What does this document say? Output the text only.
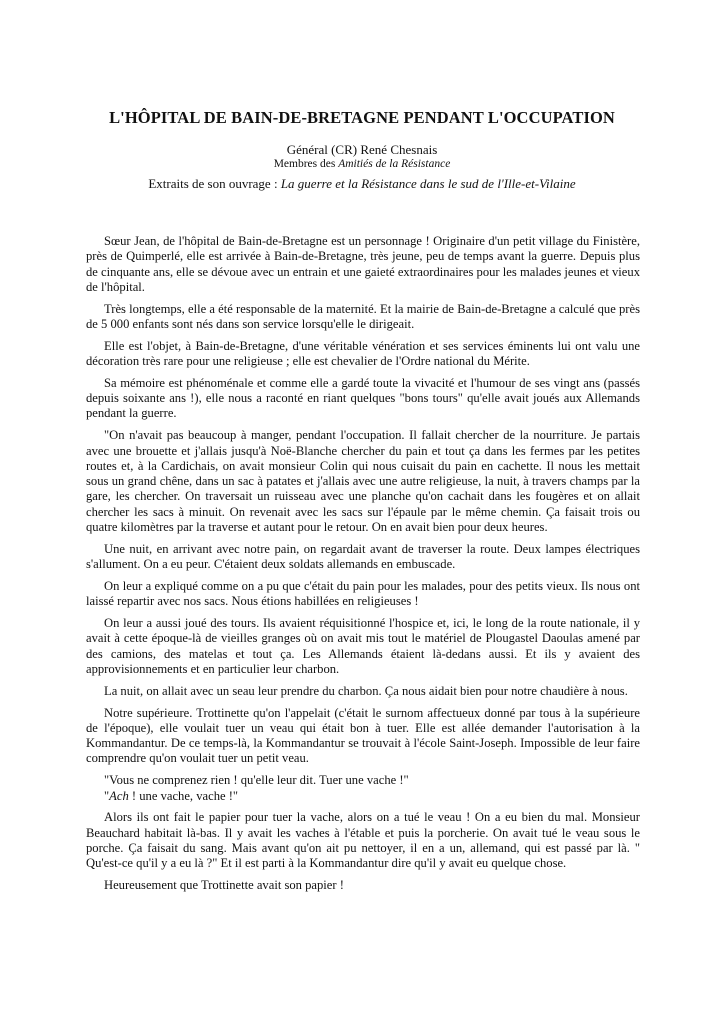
L'HÔPITAL DE BAIN-DE-BRETAGNE PENDANT L'OCCUPATION
Général (CR) René Chesnais
Membres des Amitiés de la Résistance
Extraits de son ouvrage : La guerre et la Résistance dans le sud de l'Ille-et-Vilaine

Sœur Jean, de l'hôpital de Bain-de-Bretagne est un personnage ! Originaire d'un petit village du Finistère, près de Quimperlé, elle est arrivée à Bain-de-Bretagne, très jeune, peu de temps avant la guerre. Depuis plus de cinquante ans, elle se dévoue avec un entrain et une gaieté extraordinaires pour les malades jeunes et vieux de l'hôpital.

Très longtemps, elle a été responsable de la maternité. Et la mairie de Bain-de-Bretagne a calculé que près de 5 000 enfants sont nés dans son service lorsqu'elle le dirigeait.

Elle est l'objet, à Bain-de-Bretagne, d'une véritable vénération et ses services éminents lui ont valu une décoration très rare pour une religieuse ; elle est chevalier de l'Ordre national du Mérite.

Sa mémoire est phénoménale et comme elle a gardé toute la vivacité et l'humour de ses vingt ans (passés depuis soixante ans !), elle nous a raconté en riant quelques "bons tours" qu'elle avait joués aux Allemands pendant la guerre.

"On n'avait pas beaucoup à manger, pendant l'occupation. Il fallait chercher de la nourriture. Je partais avec une brouette et j'allais jusqu'à Noë-Blanche chercher du pain et tout ça dans les fermes par les petites routes et, à la Cardichais, on avait monsieur Colin qui nous cuisait du pain en cachette. Il nous les mettait sous un grand chêne, dans un sac à patates et j'allais avec une autre religieuse, la nuit, à travers champs par la gare, les chercher. On traversait un ruisseau avec une planche qu'on cachait dans les fougères et on allait chercher les sacs à minuit. On revenait avec les sacs sur l'épaule par le même chemin. Ça faisait trois ou quatre kilomètres par la traverse et autant pour le retour. On en avait bien pour deux heures.

Une nuit, en arrivant avec notre pain, on regardait avant de traverser la route. Deux lampes électriques s'allument. On a eu peur. C'étaient deux soldats allemands en embuscade.

On leur a expliqué comme on a pu que c'était du pain pour les malades, pour des petits vieux. Ils nous ont laissé repartir avec nos sacs. Nous étions habillées en religieuses !

On leur a aussi joué des tours. Ils avaient réquisitionné l'hospice et, ici, le long de la route nationale, il y avait à cette époque-là de vieilles granges où on avait mis tout le matériel de Plougastel Daoulas amené par des camions, des matelas et tout ça. Les Allemands étaient là-dedans aussi. Et ils y avaient des approvisionnements et en particulier leur charbon.

La nuit, on allait avec un seau leur prendre du charbon. Ça nous aidait bien pour notre chaudière à nous.

Notre supérieure. Trottinette qu'on l'appelait (c'était le surnom affectueux donné par tous à la supérieure de l'époque), elle voulait tuer un veau qui était bon à tuer. Elle est allée demander l'autorisation à la Kommandantur. De ce temps-là, la Kommandantur se trouvait à l'école Saint-Joseph. Impossible de leur faire comprendre qu'on voulait tuer un petit veau.

"Vous ne comprenez rien ! qu'elle leur dit. Tuer une vache !"

"Ach ! une vache, vache !"

Alors ils ont fait le papier pour tuer la vache, alors on a tué le veau ! On a eu bien du mal. Monsieur Beauchard habitait là-bas. Il y avait les vaches à l'étable et puis la porcherie. On avait tué le veau sous le porche. Ça faisait du sang. Mais avant qu'on ait pu nettoyer, il en a un, allemand, qui est passé par là. " Qu'est-ce qu'il y a eu là ?" Et il est parti à la Kommandantur dire qu'il y avait eu quelque chose.

Heureusement que Trottinette avait son papier !
